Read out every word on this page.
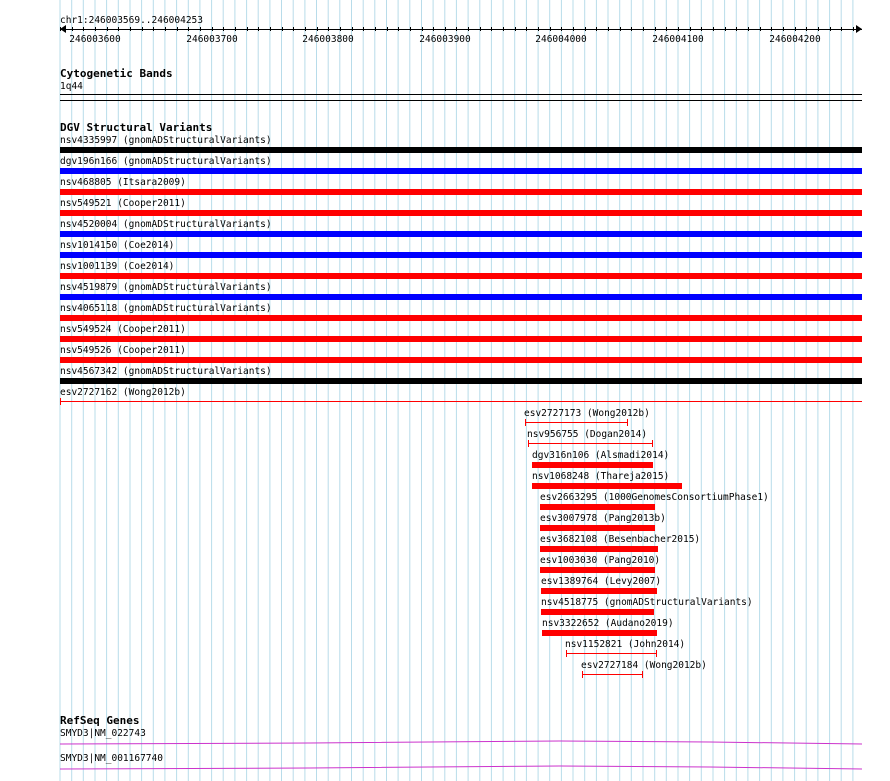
chr1:246003569..246004253
246003600	246003700	246003800	246003900	246004000	246004100	246004200
Cytogenetic Bands
1q44
DGV Structural Variants
nsv4335997 (gnomADStructuralVariants)
dgv196n166 (gnomADStructuralVariants)
nsv468805 (Itsara2009)
nsv549521 (Cooper2011)
nsv4520004 (gnomADStructuralVariants)
nsv1014150 (Coe2014)
nsv1001139 (Coe2014)
nsv4519879 (gnomADStructuralVariants)
nsv4065118 (gnomADStructuralVariants)
nsv549524 (Cooper2011)
nsv549526 (Cooper2011)
nsv4567342 (gnomADStructuralVariants)
esv2727162 (Wong2012b)
esv2727173 (Wong2012b)
nsv956755 (Dogan2014)
dgv316n106 (Alsmadi2014)
nsv1068248 (Thareja2015)
esv2663295 (1000GenomesConsortiumPhase1)
esv3007978 (Pang2013b)
esv3682108 (Besenbacher2015)
esv1003030 (Pang2010)
esv1389764 (Levy2007)
nsv4518775 (gnomADStructuralVariants)
nsv3322652 (Audano2019)
nsv1152821 (John2014)
esv2727184 (Wong2012b)
RefSeq Genes
SMYD3|NM_022743
SMYD3|NM_001167740
